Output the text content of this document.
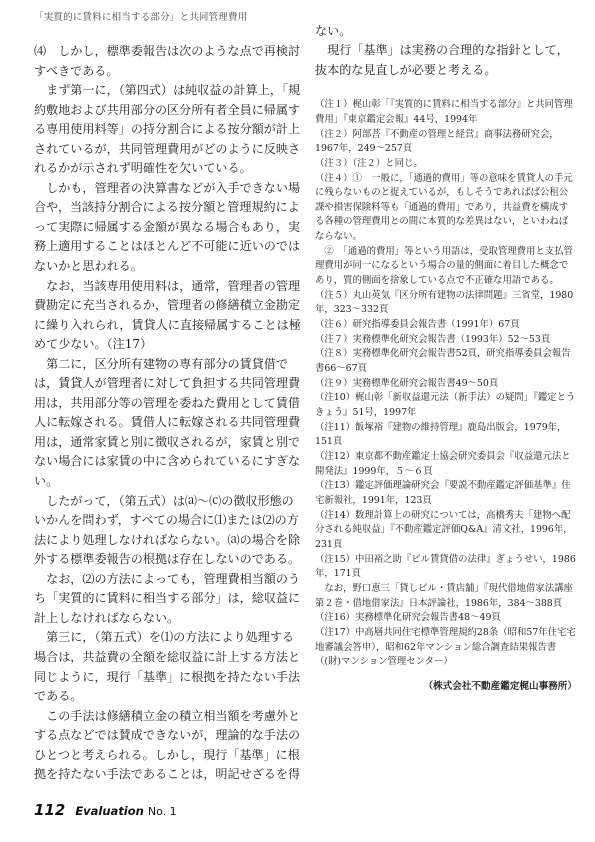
「実質的に賃料に相当する部分」と共同管理費用

⑷　しかし，標準委報告は次のような点で再検討すべきである。

まず第一に，（第四式）は純収益の計算上，「規約敷地および共用部分の区分所有者全員に帰属する専用使用料等」の持分割合による按分額が計上されているが，共同管理費用がどのように反映されるかが示されず明確性を欠いている。

しかも，管理者の決算書などが入手できない場合や，当該持分割合による按分額と管理規約によって実際に帰属する金額が異なる場合もあり，実務上適用することはほとんど不可能に近いのではないかと思われる。

なお，当該専用使用料は，通常，管理者の管理費勘定に充当されるか，管理者の修繕積立金勘定に繰り入れられ，賃貸人に直接帰属することは極めて少ない。（注17）

第二に，区分所有建物の専有部分の賃貸借では，賃貸人が管理者に対して負担する共同管理費用は，共用部分等の管理を委ねた費用として賃借人に転嫁される。賃借人に転嫁される共同管理費用は，通常家賃と別に徴収されるが，家賃と別でない場合には家賃の中に含められているにすぎない。

したがって，（第五式）は⒜～⒞の徴収形態のいかんを問わず，すべての場合に⑴または⑵の方法により処理しなければならない。⒜の場合を除外する標準委報告の根拠は存在しないのである。

なお，⑵の方法によっても，管理費相当額のうち「実質的に賃料に相当する部分」は，総収益に計上しなければならない。

第三に，（第五式）を⑴の方法により処理する場合は，共益費の全額を総収益に計上する方法と同じように，現行「基準」に根拠を持たない手法である。

この手法は修繕積立金の積立相当額を考慮外とする点などでは賛成できないが，理論的な手法のひとつと考えられる。しかし，現行「基準」に根拠を持たない手法であることは，明記せざるを得

ない。

現行「基準」は実務の合理的な指針として，抜本的な見直しが必要と考える。

（注１）梶山彰「『実質的に賃料に相当する部分』と共同管理費用」『東京鑑定会報』44号，1994年

（注２）阿部菩『不動産の管理と経営』商事法務研究会，1967年，249～257頁

（注３）（注２）と同じ。

（注４）①　一般に，「通過的費用」等の意味を賃貸人の手元に残らないものと捉えているが，もしそうであればば公租公課や損害保険料等も「通過的費用」であり，共益費を構成する各種の管理費用との間に本質的な差異はない，といわねばならない。

②　「通過的費用」等という用語は，受取管理費用と支払管理費用が同一になるという場合の量的側面に着目した概念であり，質的側面を捨象している点で不正確な用語である。

（注５）丸山英気『区分所有建物の法律問題』三省堂，1980年，323～332頁

（注６）研究指導委員会報告書（1991年）67頁

（注７）実務標準化研究会報告書（1993年）52～53頁

（注８）実務標準化研究会報告書52頁，研究指導委員会報告書66～67頁

（注９）実務標準化研究会報告書49～50頁

（注10）梶山彰「新収益還元法（新手法）の疑問」『鑑定とうきょう』51号，1997年

（注11）飯塚裕『建物の維持管理』鹿島出版会，1979年，151頁

（注12）東京都不動産鑑定士協会研究委員会『収益還元法と開発法』1999年，５～６頁

（注13）鑑定評価理論研究会『要説不動産鑑定評価基準』住宅新報社，1991年，123頁

（注14）数理計算上の研究については，高橋秀夫「建物へ配分される純収益」『不動産鑑定評価Q&A』清文社，1996年，231頁

（注15）中田裕之助『ビル賃貸借の法律』ぎょうせい，1986年，171頁

なお，野口恵三「貸しビル・賃店舗」『現代借地借家法講座第２巻・借地借家法』日本評論社，1986年，384～388頁

（注16）実務標準化研究会報告書48～49頁

（注17）中高層共同住宅標準管理規約28条（昭和57年住宅宅地審議会答申），昭和62年マンション総合調査結果報告書（(財)マンション管理センター）

（株式会社不動産鑑定梶山事務所）
112 Evaluation No. 1
